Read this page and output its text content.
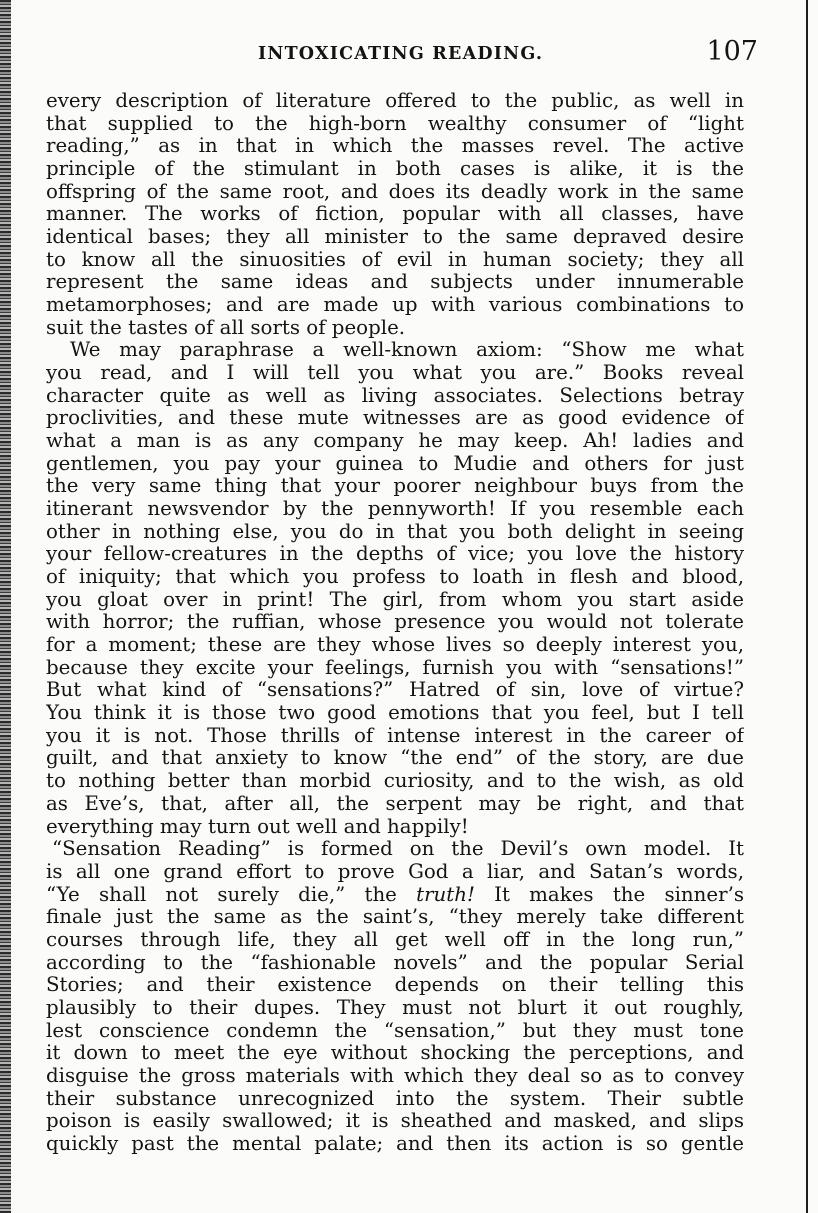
INTOXICATING READING.	107
every description of literature offered to the public, as well in
that supplied to the high-born wealthy consumer of “light
reading,” as in that in which the masses revel. The active
principle of the stimulant in both cases is alike, it is the
offspring of the same root, and does its deadly work in the same
manner. The works of fiction, popular with all classes, have
identical bases; they all minister to the same depraved desire
to know all the sinuosities of evil in human society; they all
represent the same ideas and subjects under innumerable
metamorphoses; and are made up with various combinations to
suit the tastes of all sorts of people.
We may paraphrase a well-known axiom: “Show me what
you read, and I will tell you what you are.” Books reveal
character quite as well as living associates. Selections betray
proclivities, and these mute witnesses are as good evidence of
what a man is as any company he may keep. Ah! ladies and
gentlemen, you pay your guinea to Mudie and others for just
the very same thing that your poorer neighbour buys from the
itinerant newsvendor by the pennyworth! If you resemble each
other in nothing else, you do in that you both delight in seeing
your fellow-creatures in the depths of vice; you love the history
of iniquity; that which you profess to loath in flesh and blood,
you gloat over in print! The girl, from whom you start aside
with horror; the ruffian, whose presence you would not tolerate
for a moment; these are they whose lives so deeply interest you,
because they excite your feelings, furnish you with “sensations!”
But what kind of “sensations?” Hatred of sin, love of virtue?
You think it is those two good emotions that you feel, but I tell
you it is not. Those thrills of intense interest in the career of
guilt, and that anxiety to know “the end” of the story, are due
to nothing better than morbid curiosity, and to the wish, as old
as Eve’s, that, after all, the serpent may be right, and that
everything may turn out well and happily!
“Sensation Reading” is formed on the Devil’s own model. It
is all one grand effort to prove God a liar, and Satan’s words,
“Ye shall not surely die,” the truth! It makes the sinner’s
finale just the same as the saint’s, “they merely take different
courses through life, they all get well off in the long run,”
according to the “fashionable novels” and the popular Serial
Stories; and their existence depends on their telling this
plausibly to their dupes. They must not blurt it out roughly,
lest conscience condemn the “sensation,” but they must tone
it down to meet the eye without shocking the perceptions, and
disguise the gross materials with which they deal so as to convey
their substance unrecognized into the system. Their subtle
poison is easily swallowed; it is sheathed and masked, and slips
quickly past the mental palate; and then its action is so gentle
